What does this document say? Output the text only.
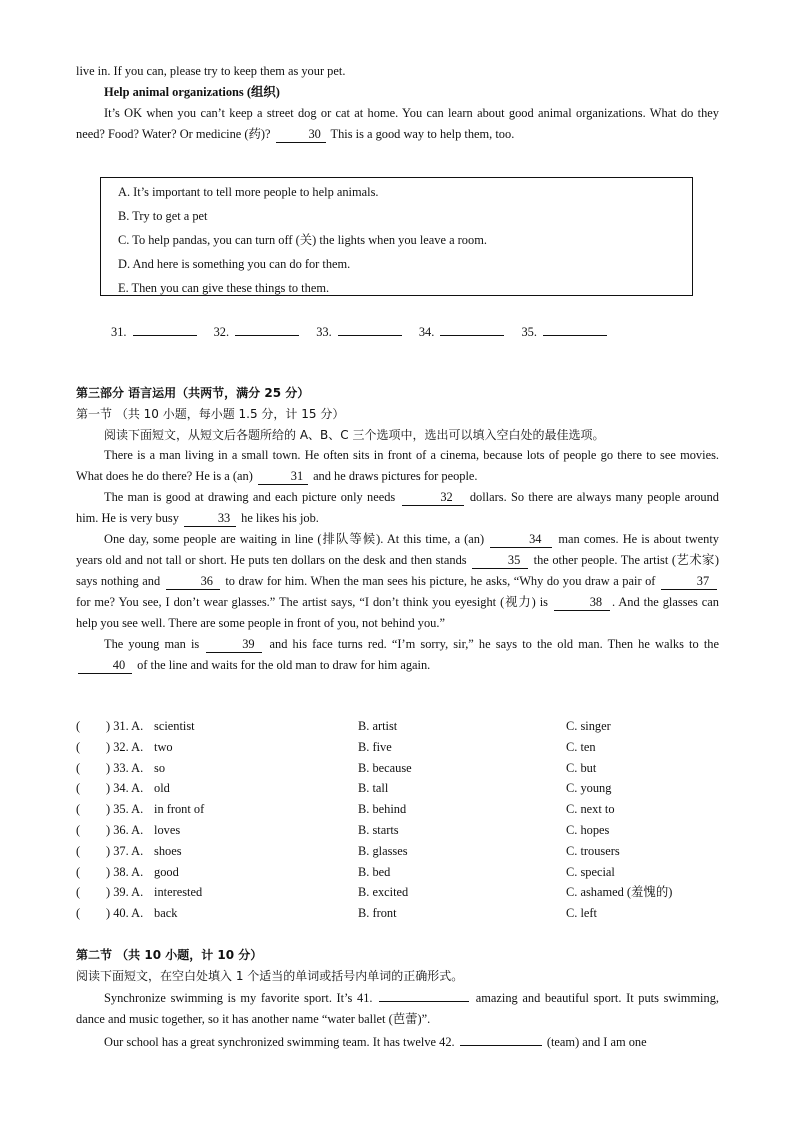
live in. If you can, please try to keep them as your pet.

Help animal organizations (组织)

It’s OK when you can’t keep a street dog or cat at home. You can learn about good animal organizations. What do they need? Food? Water? Or medicine (药)?	30 This is a good way to help them, too.

A. It’s important to tell more people to help animals.
B. Try to get a pet
C. To help pandas, you can turn off (关) the lights when you leave a room.
D. And here is something you can do for them.
E. Then you can give these things to them.
31.	32.	33.	34.	35.
第三部分 语言运用（共两节，满分 25 分）
第一节 （共 10 小题，每小题 1.5 分，计 15 分）
阅读下面短文，从短文后各题所给的 A、B、C 三个选项中，选出可以填入空白处的最佳选项。

There is a man living in a small town. He often sits in front of a cinema, because lots of people go there to see movies. What does he do there? He is a (an)	31 and he draws pictures for people.

The man is good at drawing and each picture only needs	32 dollars. So there are always many people around him. He is very busy	33 he likes his job.

One day, some people are waiting in line (排队等候). At this time, a (an)	34 man comes. He is about twenty years old and not tall or short. He puts ten dollars on the desk and then stands	35 the other people. The artist (艺术家) says nothing and	36 to draw for him. When the man sees his picture, he asks, “Why do you draw a pair of	37 for me? You see, I don’t wear glasses.” The artist says, “I don’t think you eyesight (视力) is	38 . And the glasses can help you see well. There are some people in front of you, not behind you.”

The young man is	39 and his face turns red. “I’m sorry, sir,” he says to the old man. Then he walks to the 40 of the line and waits for the old man to draw for him again.

( ) 31. A. scientist	B. artist	C. singer
( ) 32. A. two	B. five	C. ten
( ) 33. A. so	B. because	C. but
( ) 34. A. old	B. tall	C. young
( ) 35. A. in front of	B. behind	C. next to
( ) 36. A. loves	B. starts	C. hopes
( ) 37. A. shoes	B. glasses	C. trousers
( ) 38. A. good	B. bed	C. special
( ) 39. A. interested	B. excited	C. ashamed (羞愧的)
( ) 40. A. back	B. front	C. left
第二节 （共 10 小题，计 10 分）
阅读下面短文，在空白处填入 1 个适当的单词或括号内单词的正确形式。

Synchronize swimming is my favorite sport. It’s 41.	amazing and beautiful sport. It puts swimming, dance and music together, so it has another name “water ballet (芭蕾)”.

Our school has a great synchronized swimming team. It has twelve 42.	(team) and I am one
